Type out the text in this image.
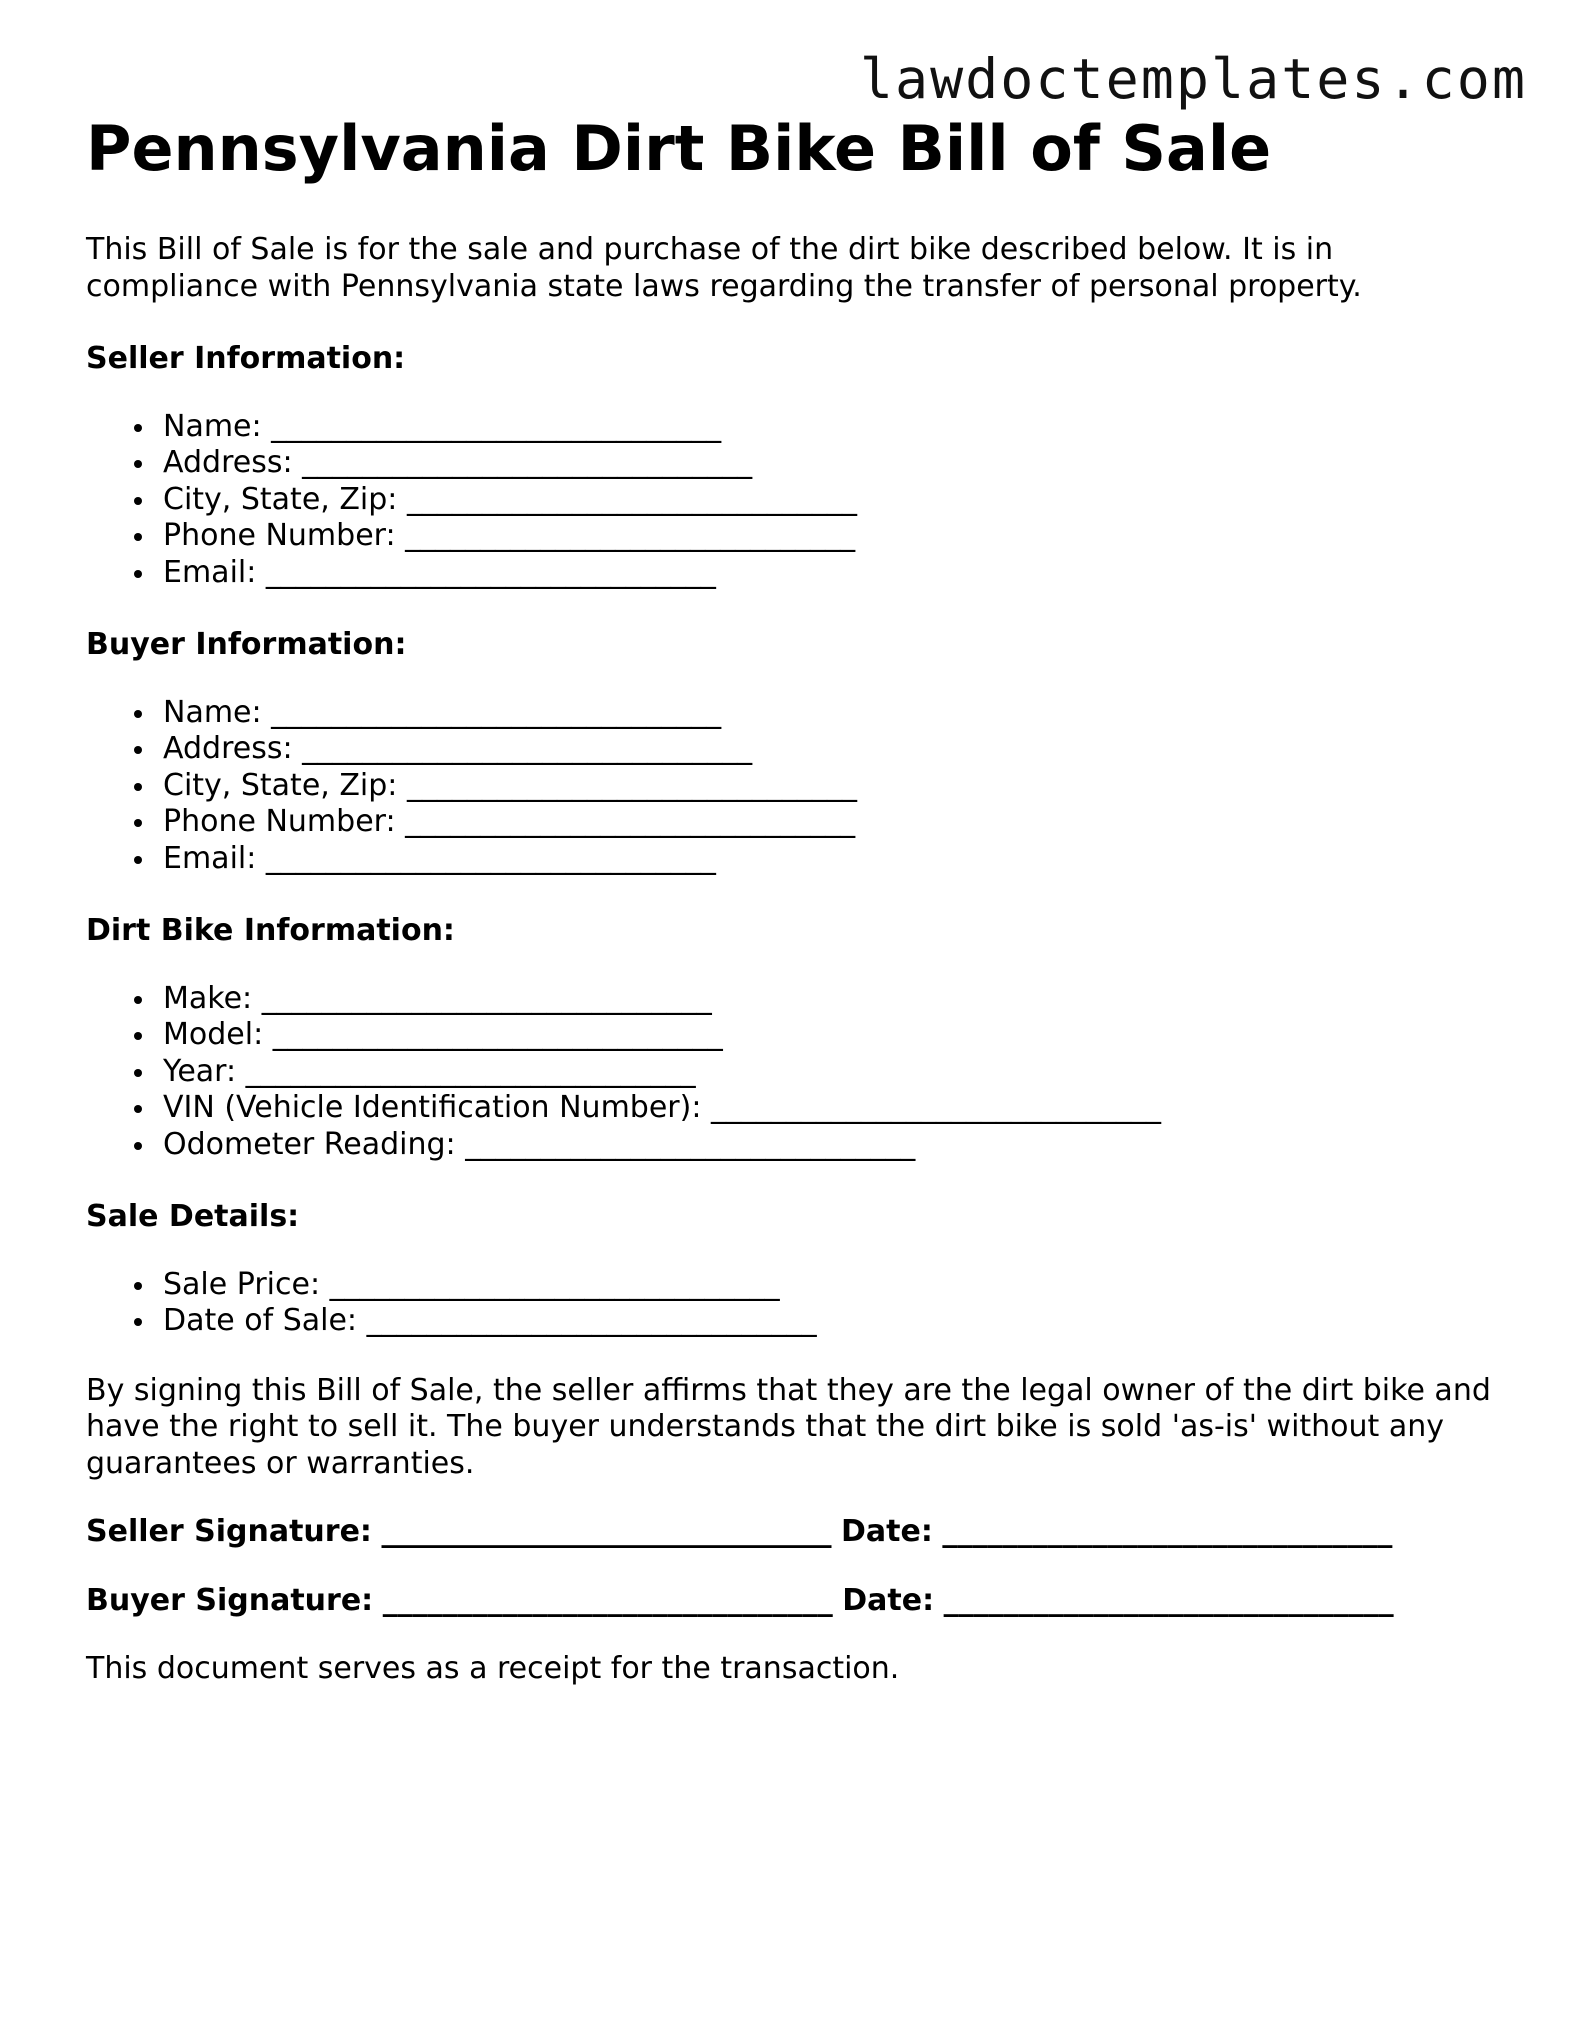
lawdoctemplates.com
Pennsylvania Dirt Bike Bill of Sale

This Bill of Sale is for the sale and purchase of the dirt bike described below. It is in compliance with Pennsylvania state laws regarding the transfer of personal property.

Seller Information:

Name: ______________________________
Address: ______________________________
City, State, Zip: ______________________________
Phone Number: ______________________________
Email: ______________________________

Buyer Information:

Name: ______________________________
Address: ______________________________
City, State, Zip: ______________________________
Phone Number: ______________________________
Email: ______________________________

Dirt Bike Information:

Make: ______________________________
Model: ______________________________
Year: ______________________________
VIN (Vehicle Identification Number): ______________________________
Odometer Reading: ______________________________

Sale Details:

Sale Price: ______________________________
Date of Sale: ______________________________

By signing this Bill of Sale, the seller affirms that they are the legal owner of the dirt bike and have the right to sell it. The buyer understands that the dirt bike is sold 'as-is' without any guarantees or warranties.

Seller Signature: ______________________________ Date: ______________________________

Buyer Signature: ______________________________ Date: ______________________________

This document serves as a receipt for the transaction.
